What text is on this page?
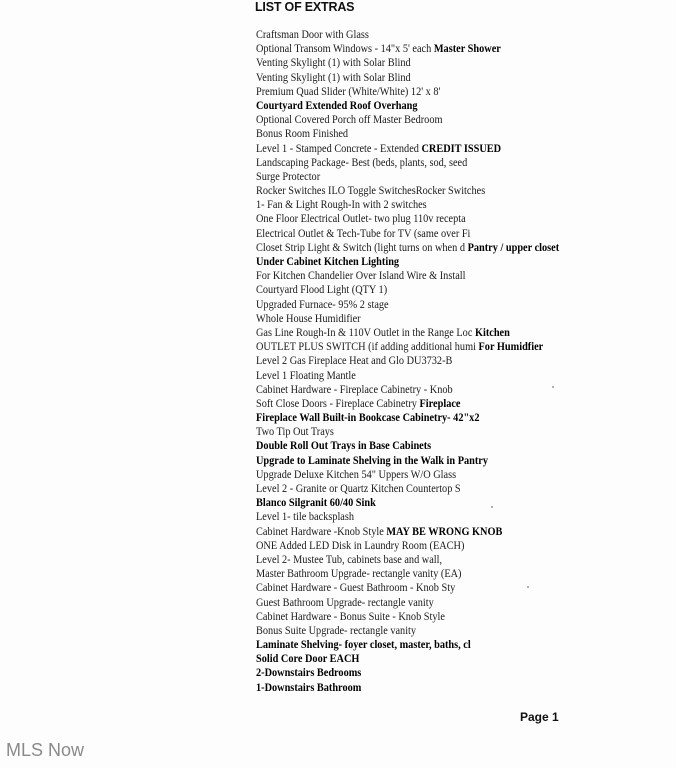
LIST OF EXTRAS
Craftsman Door with Glass
Optional Transom Windows - 14"x 5' each Master Shower
Venting Skylight (1) with Solar Blind
Venting Skylight (1) with Solar Blind
Premium Quad Slider (White/White) 12' x 8'
Courtyard Extended Roof Overhang
Optional Covered Porch off Master Bedroom
Bonus Room Finished
Level 1 - Stamped Concrete - Extended CREDIT ISSUED
Landscaping Package- Best (beds, plants, sod, seed
Surge Protector
Rocker Switches ILO Toggle SwitchesRocker Switches
1- Fan & Light Rough-In with 2 switches
One Floor Electrical Outlet- two plug 110v recepta
Electrical Outlet & Tech-Tube for TV (same over Fi
Closet Strip Light & Switch (light turns on when d Pantry / upper closet
Under Cabinet Kitchen Lighting
For Kitchen Chandelier Over Island Wire & Install
Courtyard Flood Light (QTY 1)
Upgraded Furnace- 95% 2 stage
Whole House Humidifier
Gas Line Rough-In & 110V Outlet in the Range Loc Kitchen
OUTLET PLUS SWITCH (if adding additional humi For Humidfier
Level 2 Gas Fireplace Heat and Glo DU3732-B
Level 1 Floating Mantle
Cabinet Hardware - Fireplace Cabinetry - Knob
Soft Close Doors - Fireplace Cabinetry Fireplace
Fireplace Wall Built-in Bookcase Cabinetry- 42"x2
Two Tip Out Trays
Double Roll Out Trays in Base Cabinets
Upgrade to Laminate Shelving in the Walk in Pantry
Upgrade Deluxe Kitchen 54" Uppers W/O Glass
Level 2 - Granite or Quartz Kitchen Countertop S
Blanco Silgranit 60/40 Sink
Level 1- tile backsplash
Cabinet Hardware -Knob Style MAY BE WRONG KNOB
ONE Added LED Disk in Laundry Room (EACH)
Level 2- Mustee Tub, cabinets base and wall,
Master Bathroom Upgrade- rectangle vanity (EA)
Cabinet Hardware - Guest Bathroom - Knob Sty
Guest Bathroom Upgrade- rectangle vanity
Cabinet Hardware - Bonus Suite - Knob Style
Bonus Suite Upgrade- rectangle vanity
Laminate Shelving- foyer closet, master, baths, cl
Solid Core Door EACH
2-Downstairs Bedrooms
1-Downstairs Bathroom
Page 1
MLS Now
